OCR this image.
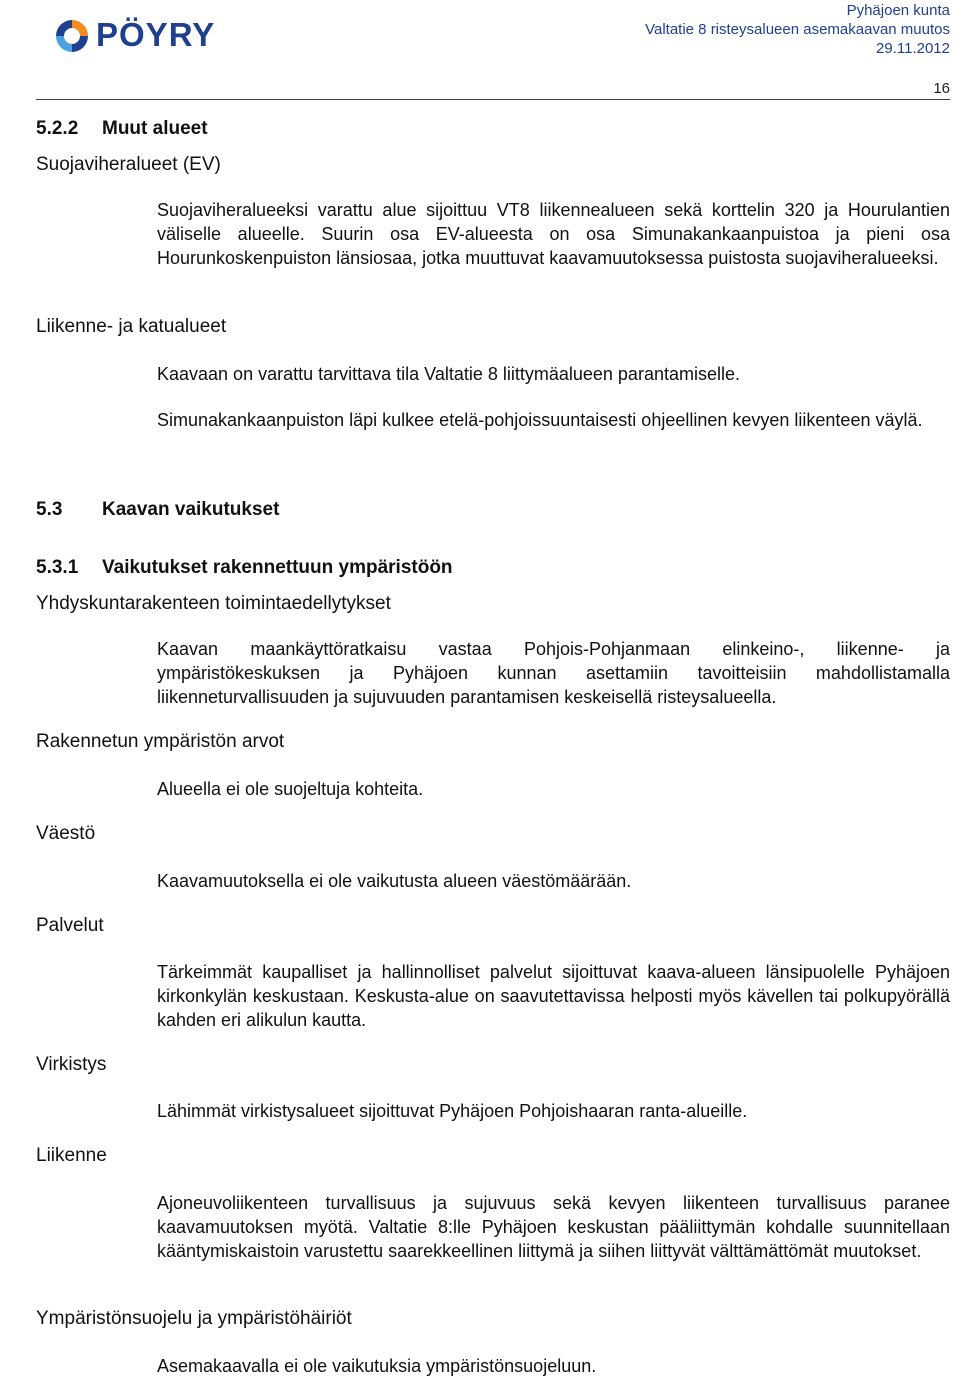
PÖYRY
Pyhäjoen kunta
Valtatie 8 risteysalueen asemakaavan muutos
29.11.2012
16
5.2.2 Muut alueet
Suojaviheralueet (EV)
Suojaviheralueeksi varattu alue sijoittuu VT8 liikennealueen sekä korttelin 320 ja Hourulantien väliselle alueelle. Suurin osa EV-alueesta on osa Simunakankaanpuistoa ja pieni osa Hourunkoskenpuiston länsiosaa, jotka muuttuvat kaavamuutoksessa puistosta suojaviheralueeksi.
Liikenne- ja katualueet
Kaavaan on varattu tarvittava tila Valtatie 8 liittymäalueen parantamiselle.
Simunakankaanpuiston läpi kulkee etelä-pohjoissuuntaisesti ohjeellinen kevyen liikenteen väylä.
5.3 Kaavan vaikutukset
5.3.1 Vaikutukset rakennettuun ympäristöön
Yhdyskuntarakenteen toimintaedellytykset
Kaavan maankäyttöratkaisu vastaa Pohjois-Pohjanmaan elinkeino-, liikenne- ja ympäristökeskuksen ja Pyhäjoen kunnan asettamiin tavoitteisiin mahdollistamalla liikenneturvallisuuden ja sujuvuuden parantamisen keskeisellä risteysalueella.
Rakennetun ympäristön arvot
Alueella ei ole suojeltuja kohteita.
Väestö
Kaavamuutoksella ei ole vaikutusta alueen väestömäärään.
Palvelut
Tärkeimmät kaupalliset ja hallinnolliset palvelut sijoittuvat kaava-alueen länsipuolelle Pyhäjoen kirkonkylän keskustaan. Keskusta-alue on saavutettavissa helposti myös kävellen tai polkupyörällä kahden eri alikulun kautta.
Virkistys
Lähimmät virkistysalueet sijoittuvat Pyhäjoen Pohjoishaaran ranta-alueille.
Liikenne
Ajoneuvoliikenteen turvallisuus ja sujuvuus sekä kevyen liikenteen turvallisuus paranee kaavamuutoksen myötä. Valtatie 8:lle Pyhäjoen keskustan pääliittymän kohdalle suunnitellaan kääntymiskaistoin varustettu saarekkeellinen liittymä ja siihen liittyvät välttämättömät muutokset.
Ympäristönsuojelu ja ympäristöhäiriöt
Asemakaavalla ei ole vaikutuksia ympäristönsuojeluun.
